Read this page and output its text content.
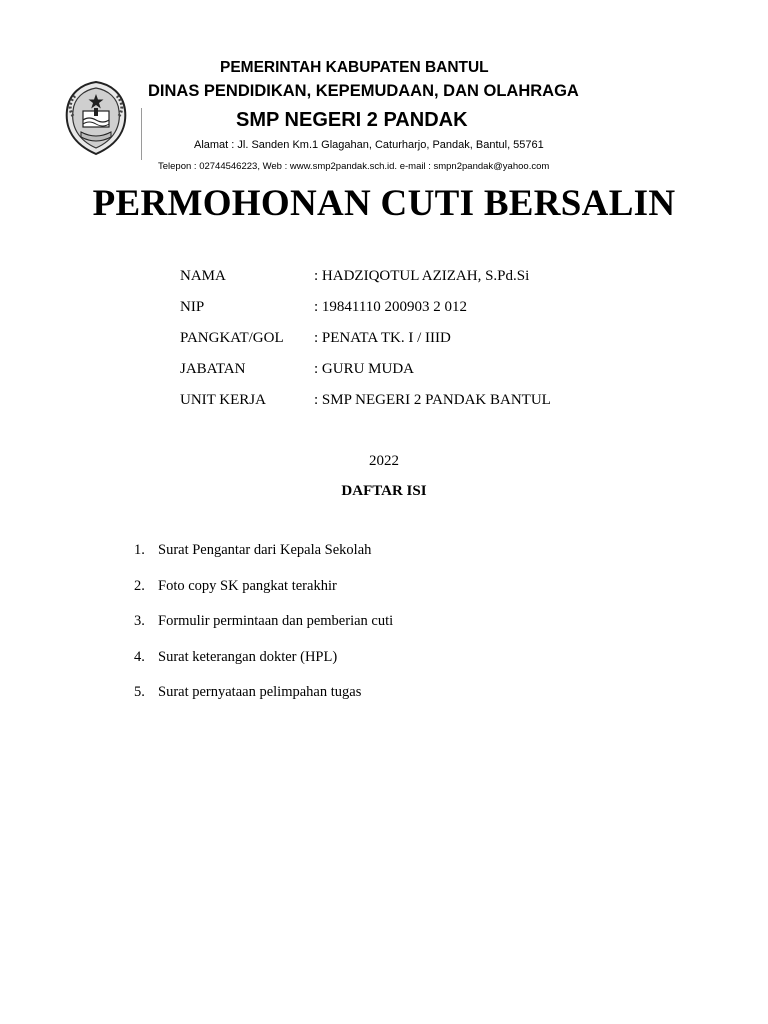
PEMERINTAH KABUPATEN BANTUL
DINAS PENDIDIKAN, KEPEMUDAAN, DAN OLAHRAGA
SMP NEGERI 2 PANDAK
Alamat : Jl. Sanden Km.1 Glagahan, Caturharjo, Pandak, Bantul, 55761
Telepon : 02744546223, Web : www.smp2pandak.sch.id. e-mail : smpn2pandak@yahoo.com
PERMOHONAN CUTI BERSALIN
NAMA	: HADZIQOTUL AZIZAH, S.Pd.Si
NIP	: 19841110 200903 2 012
PANGKAT/GOL	: PENATA TK. I / IIID
JABATAN	: GURU MUDA
UNIT KERJA	: SMP NEGERI 2 PANDAK BANTUL
2022
DAFTAR ISI
1. Surat Pengantar dari Kepala Sekolah
2. Foto copy SK pangkat terakhir
3. Formulir permintaan dan pemberian cuti
4. Surat keterangan dokter (HPL)
5. Surat pernyataan pelimpahan tugas
